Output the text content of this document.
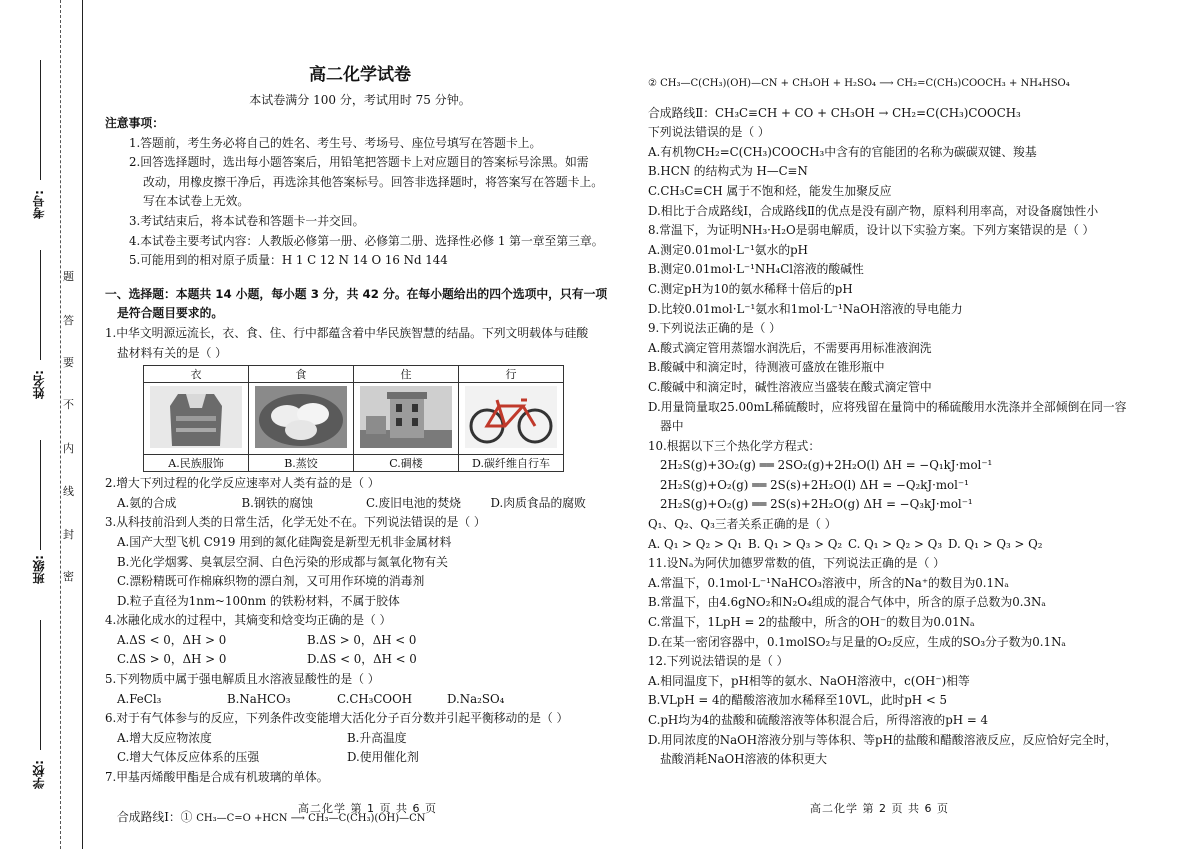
考号:
姓名:
班级:
学校:
题
答
要
不
内
线
封
密
高二化学试卷
本试卷满分 100 分，考试用时 75 分钟。
注意事项：
1.答题前，考生务必将自己的姓名、考生号、考场号、座位号填写在答题卡上。
2.回答选择题时，选出每小题答案后，用铅笔把答题卡上对应题目的答案标号涂黑。如需
改动，用橡皮擦干净后，再选涂其他答案标号。回答非选择题时，将答案写在答题卡上。
写在本试卷上无效。
3.考试结束后，将本试卷和答题卡一并交回。
4.本试卷主要考试内容：人教版必修第一册、必修第二册、选择性必修 1 第一章至第三章。
5.可能用到的相对原子质量：H 1 C 12 N 14 O 16 Nd 144
一、选择题：本题共 14 小题，每小题 3 分，共 42 分。在每小题给出的四个选项中，只有一项
是符合题目要求的。
1.中华文明源远流长，衣、食、住、行中都蕴含着中华民族智慧的结晶。下列文明载体与硅酸
盐材料有关的是（ ）
衣	食	住	行

A.民族服饰	B.蒸饺	C.碉楼	D.碳纤维自行车
2.增大下列过程的化学反应速率对人类有益的是（ ）
A.氨的合成	B.钢铁的腐蚀	C.废旧电池的焚烧	D.肉质食品的腐败
3.从科技前沿到人类的日常生活，化学无处不在。下列说法错误的是（ ）
A.国产大型飞机 C919 用到的氮化硅陶瓷是新型无机非金属材料
B.光化学烟雾、臭氧层空洞、白色污染的形成都与氮氧化物有关
C.漂粉精既可作棉麻织物的漂白剂，又可用作环境的消毒剂
D.粒子直径为1nm~100nm 的铁粉材料，不属于胶体
4.冰融化成水的过程中，其熵变和焓变均正确的是（ ）
A.ΔS < 0，ΔH > 0	B.ΔS > 0，ΔH < 0
C.ΔS > 0，ΔH > 0	D.ΔS < 0，ΔH < 0
5.下列物质中属于强电解质且水溶液显酸性的是（ ）
A.FeCl₃	B.NaHCO₃	C.CH₃COOH	D.Na₂SO₄
6.对于有气体参与的反应，下列条件改变能增大活化分子百分数并引起平衡移动的是（ ）
A.增大反应物浓度	B.升高温度
C.增大气体反应体系的压强	D.使用催化剂
7.甲基丙烯酸甲酯是合成有机玻璃的单体。
合成路线Ⅰ：① CH₃—C=O +HCN ⟶ CH₃—C(CH₃)(OH)—CN
② CH₃—C(CH₃)(OH)—CN + CH₃OH + H₂SO₄ ⟶ CH₂=C(CH₃)COOCH₃ + NH₄HSO₄
合成路线Ⅱ：CH₃C≡CH + CO + CH₃OH → CH₂=C(CH₃)COOCH₃
下列说法错误的是（ ）
A.有机物CH₂=C(CH₃)COOCH₃中含有的官能团的名称为碳碳双键、羧基
B.HCN 的结构式为 H—C≡N
C.CH₃C≡CH 属于不饱和烃，能发生加聚反应
D.相比于合成路线Ⅰ，合成路线Ⅱ的优点是没有副产物，原料利用率高，对设备腐蚀性小
8.常温下，为证明NH₃·H₂O是弱电解质，设计以下实验方案。下列方案错误的是（ ）
A.测定0.01mol·L⁻¹氨水的pH
B.测定0.01mol·L⁻¹NH₄Cl溶液的酸碱性
C.测定pH为10的氨水稀释十倍后的pH
D.比较0.01mol·L⁻¹氨水和1mol·L⁻¹NaOH溶液的导电能力
9.下列说法正确的是（ ）
A.酸式滴定管用蒸馏水润洗后，不需要再用标准液润洗
B.酸碱中和滴定时，待测液可盛放在锥形瓶中
C.酸碱中和滴定时，碱性溶液应当盛装在酸式滴定管中
D.用量筒量取25.00mL稀硫酸时，应将残留在量筒中的稀硫酸用水洗涤并全部倾倒在同一容
器中
10.根据以下三个热化学方程式：
2H₂S(g)+3O₂(g) ══ 2SO₂(g)+2H₂O(l) ΔH = −Q₁kJ·mol⁻¹
2H₂S(g)+O₂(g) ══ 2S(s)+2H₂O(l) ΔH = −Q₂kJ·mol⁻¹
2H₂S(g)+O₂(g) ══ 2S(s)+2H₂O(g) ΔH = −Q₃kJ·mol⁻¹
Q₁、Q₂、Q₃三者关系正确的是（ ）
A. Q₁ > Q₂ > Q₁ B. Q₁ > Q₃ > Q₂ C. Q₁ > Q₂ > Q₃ D. Q₁ > Q₃ > Q₂
11.设Nₐ为阿伏加德罗常数的值，下列说法正确的是（ ）
A.常温下，0.1mol·L⁻¹NaHCO₃溶液中，所含的Na⁺的数目为0.1Nₐ
B.常温下，由4.6gNO₂和N₂O₄组成的混合气体中，所含的原子总数为0.3Nₐ
C.常温下，1LpH = 2的盐酸中，所含的OH⁻的数目为0.01Nₐ
D.在某一密闭容器中，0.1molSO₂与足量的O₂反应，生成的SO₃分子数为0.1Nₐ
12.下列说法错误的是（ ）
A.相同温度下，pH相等的氨水、NaOH溶液中，c(OH⁻)相等
B.VLpH = 4的醋酸溶液加水稀释至10VL，此时pH < 5
C.pH均为4的盐酸和硫酸溶液等体积混合后，所得溶液的pH = 4
D.用同浓度的NaOH溶液分别与等体积、等pH的盐酸和醋酸溶液反应，反应恰好完全时，
盐酸消耗NaOH溶液的体积更大
高二化学 第 1 页 共 6 页	高二化学 第 2 页 共 6 页
